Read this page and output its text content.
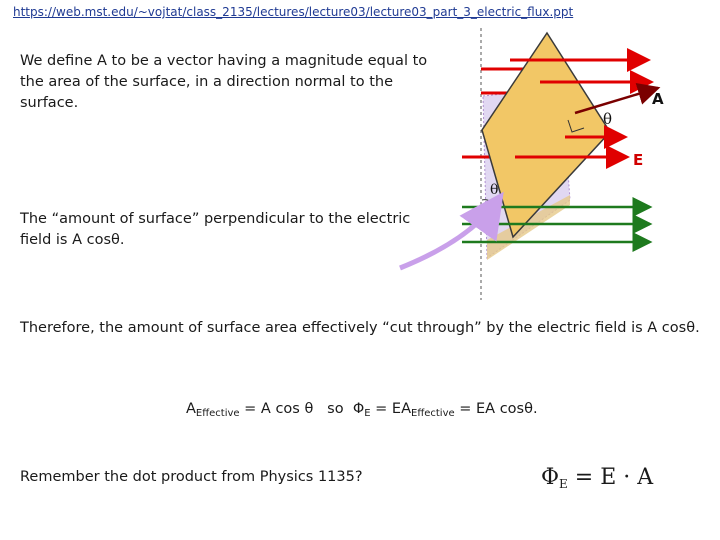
https://web.mst.edu/~vojtat/class_2135/lectures/lecture03/lecture03_part_3_electric_flux.ppt
We define A to be a vector having a magnitude equal to the area of the surface, in a direction normal to the surface.
The “amount of surface” perpendicular to the electric field is A cosθ.
Therefore, the amount of surface area effectively “cut through” by the electric field is A cosθ.
$A_{Effective} = A$ cos θ   so  $\Phi_E = EA_{Effective}$ = EA cosθ.
Remember the dot product from Physics 1135?	$\Phi_E = E \cdot A$
A
E
θ
θ
